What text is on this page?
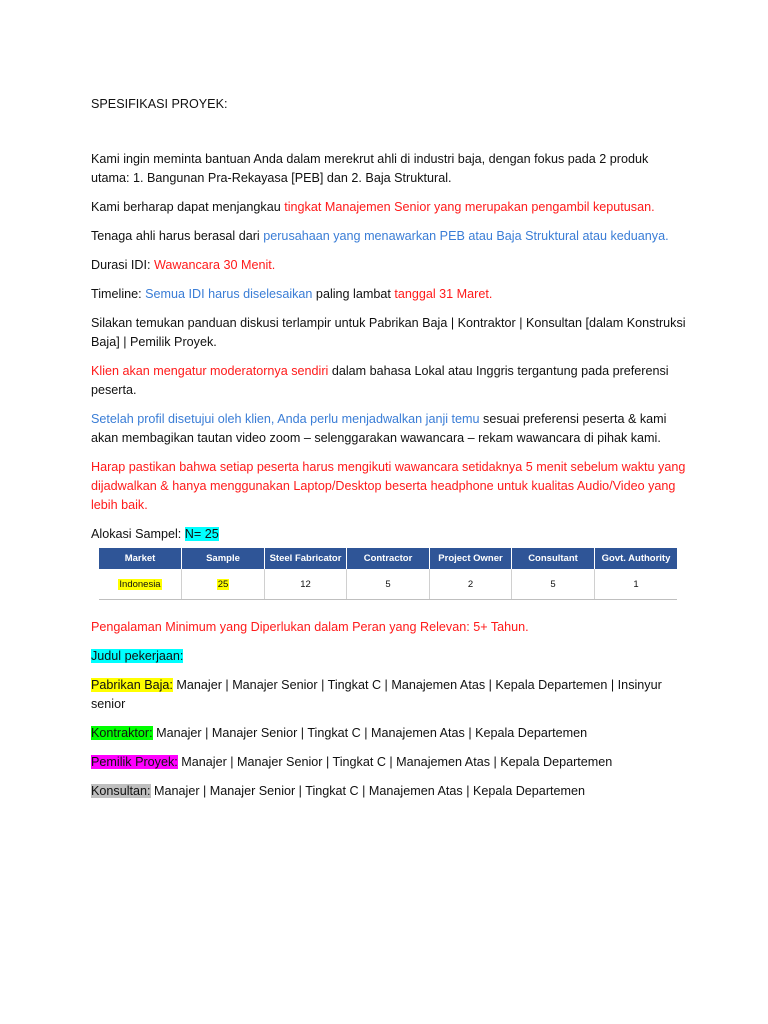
SPESIFIKASI PROYEK:

Kami ingin meminta bantuan Anda dalam merekrut ahli di industri baja, dengan fokus pada 2 produk utama: 1. Bangunan Pra-Rekayasa [PEB] dan 2. Baja Struktural.

Kami berharap dapat menjangkau tingkat Manajemen Senior yang merupakan pengambil keputusan.

Tenaga ahli harus berasal dari perusahaan yang menawarkan PEB atau Baja Struktural atau keduanya.

Durasi IDI: Wawancara 30 Menit.

Timeline: Semua IDI harus diselesaikan paling lambat tanggal 31 Maret.

Silakan temukan panduan diskusi terlampir untuk Pabrikan Baja | Kontraktor | Konsultan [dalam Konstruksi Baja] | Pemilik Proyek.

Klien akan mengatur moderatornya sendiri dalam bahasa Lokal atau Inggris tergantung pada preferensi peserta.

Setelah profil disetujui oleh klien, Anda perlu menjadwalkan janji temu sesuai preferensi peserta & kami akan membagikan tautan video zoom – selenggarakan wawancara – rekam wawancara di pihak kami.

Harap pastikan bahwa setiap peserta harus mengikuti wawancara setidaknya 5 menit sebelum waktu yang dijadwalkan & hanya menggunakan Laptop/Desktop beserta headphone untuk kualitas Audio/Video yang lebih baik.

Alokasi Sampel: N= 25

Market	Sample	Steel Fabricator	Contractor	Project Owner	Consultant	Govt. Authority
Indonesia	25	12	5	2	5	1

Pengalaman Minimum yang Diperlukan dalam Peran yang Relevan: 5+ Tahun.

Judul pekerjaan:

Pabrikan Baja: Manajer | Manajer Senior | Tingkat C | Manajemen Atas | Kepala Departemen | Insinyur senior

Kontraktor: Manajer | Manajer Senior | Tingkat C | Manajemen Atas | Kepala Departemen

Pemilik Proyek: Manajer | Manajer Senior | Tingkat C | Manajemen Atas | Kepala Departemen

Konsultan: Manajer | Manajer Senior | Tingkat C | Manajemen Atas | Kepala Departemen
